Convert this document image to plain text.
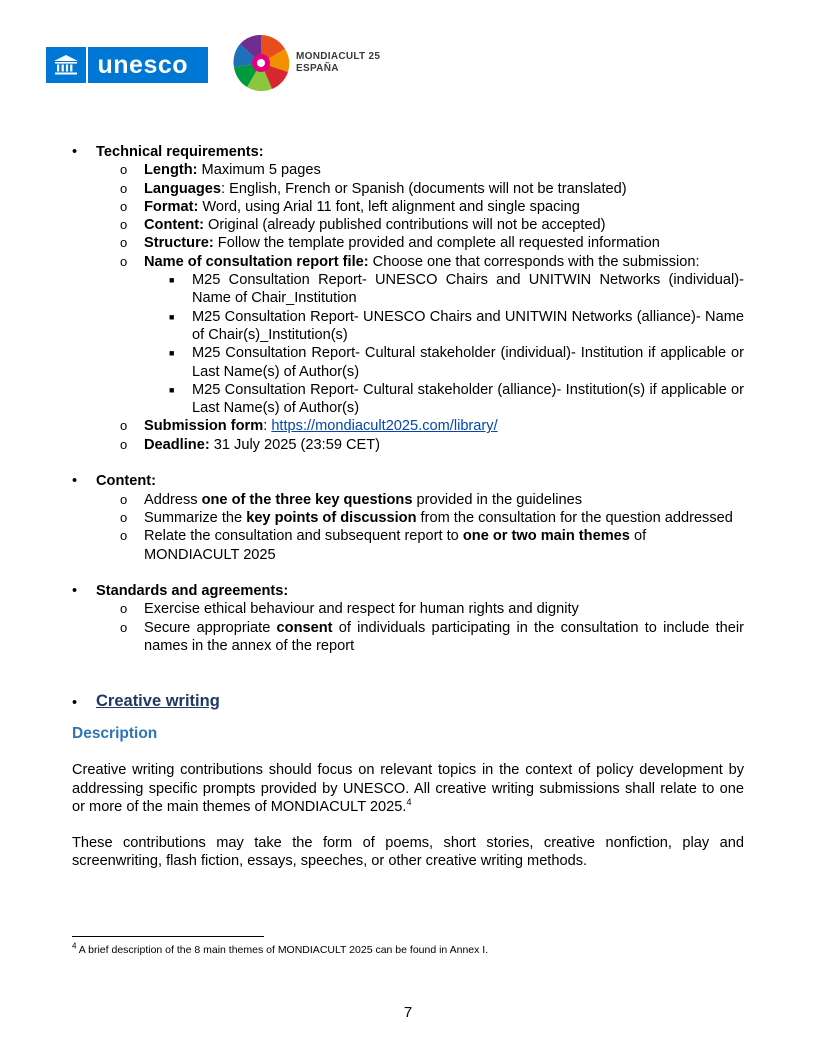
unesco	MONDIACULT 25
ESPAÑA
• Technical requirements:
o Length: Maximum 5 pages
o Languages: English, French or Spanish (documents will not be translated)
o Format: Word, using Arial 11 font, left alignment and single spacing
o Content: Original (already published contributions will not be accepted)
o Structure: Follow the template provided and complete all requested information
o Name of consultation report file: Choose one that corresponds with the submission:
■ M25 Consultation Report- UNESCO Chairs and UNITWIN Networks (individual)- Name of Chair_Institution
■ M25 Consultation Report- UNESCO Chairs and UNITWIN Networks (alliance)- Name of Chair(s)_Institution(s)
■ M25 Consultation Report- Cultural stakeholder (individual)- Institution if applicable or Last Name(s) of Author(s)
■ M25 Consultation Report- Cultural stakeholder (alliance)- Institution(s) if applicable or Last Name(s) of Author(s)
o Submission form: https://mondiacult2025.com/library/
o Deadline: 31 July 2025 (23:59 CET)
• Content:
o Address one of the three key questions provided in the guidelines
o Summarize the key points of discussion from the consultation for the question addressed
o Relate the consultation and subsequent report to one or two main themes of MONDIACULT 2025
• Standards and agreements:
o Exercise ethical behaviour and respect for human rights and dignity
o Secure appropriate consent of individuals participating in the consultation to include their names in the annex of the report
• Creative writing
Description
Creative writing contributions should focus on relevant topics in the context of policy development by addressing specific prompts provided by UNESCO. All creative writing submissions shall relate to one or more of the main themes of MONDIACULT 2025.$^4$
These contributions may take the form of poems, short stories, creative nonfiction, play and screenwriting, flash fiction, essays, speeches, or other creative writing methods.
$^4$ A brief description of the 8 main themes of MONDIACULT 2025 can be found in Annex I.
7
